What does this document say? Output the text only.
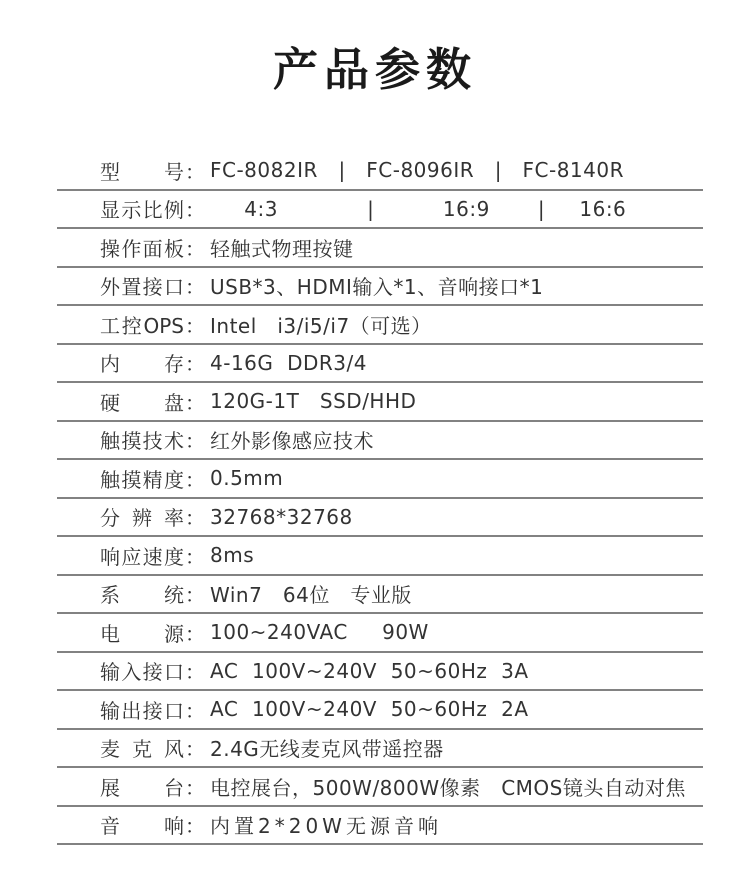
产品参数
型号 ： FC-8082IR   |   FC-8096IR   |   FC-8140R
显示比例 ： 4:3             |          16:9       |     16:6
操作面板 ： 轻触式物理按键
外置接口 ： USB*3、HDMI输入*1、音响接口*1
工控OPS ： Intel   i3/i5/i7（可选）
内存 ： 4-16G  DDR3/4
硬盘 ： 120G-1T   SSD/HHD
触摸技术 ： 红外影像感应技术
触摸精度 ： 0.5mm
分辨率 ： 32768*32768
响应速度 ： 8ms
系统 ： Win7   64位   专业版
电源 ： 100~240VAC     90W
输入接口 ： AC  100V~240V  50~60Hz  3A
输出接口 ： AC  100V~240V  50~60Hz  2A
麦克风 ： 2.4G无线麦克风带遥控器
展台 ： 电控展台，500W/800W像素   CMOS镜头自动对焦
音响 ： 内置2*20W无源音响
